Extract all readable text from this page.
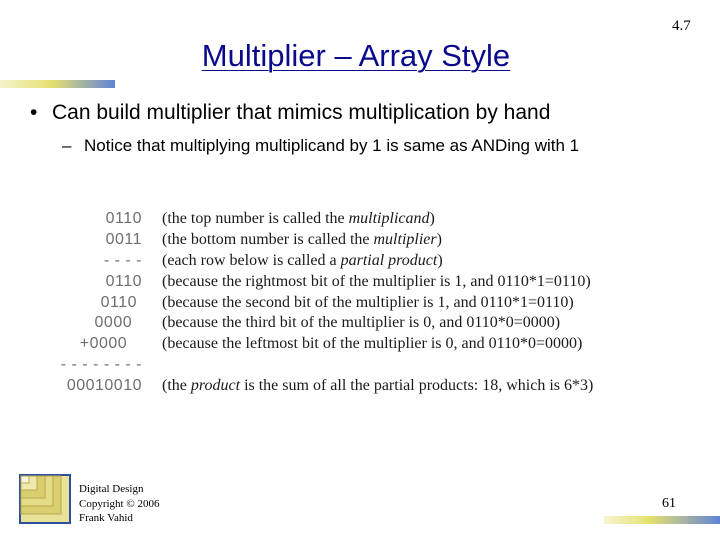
4.7
Multiplier – Array Style
• Can build multiplier that mimics multiplication by hand
– Notice that multiplying multiplicand by 1 is same as ANDing with 1
0110
0011
- - - -
0110
0110
0000
+0000
- - - - - - - -
00010010
(the top number is called the multiplicand)
(the bottom number is called the multiplier)
(each row below is called a partial product)
(because the rightmost bit of the multiplier is 1, and 0110*1=0110)
(because the second bit of the multiplier is 1, and 0110*1=0110)
(because the third bit of the multiplier is 0, and 0110*0=0000)
(because the leftmost bit of the multiplier is 0, and 0110*0=0000)
(the product is the sum of all the partial products: 18, which is 6*3)
Digital Design
Copyright © 2006
Frank Vahid
61
